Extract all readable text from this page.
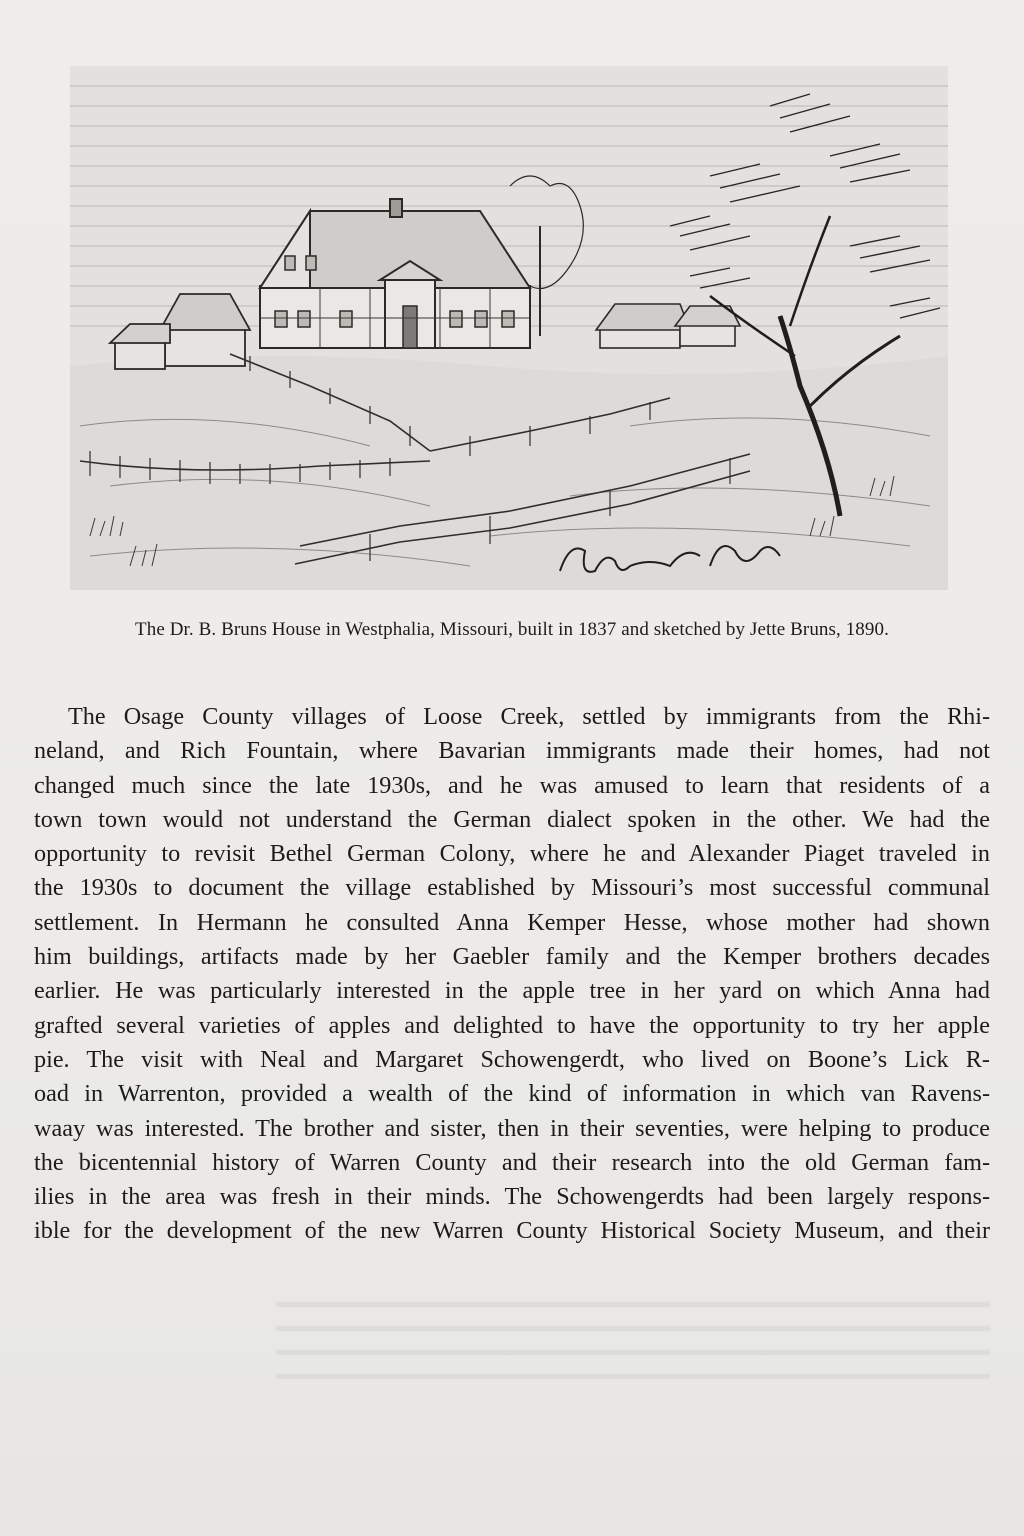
The Dr. B. Bruns House in Westphalia, Missouri, built in 1837 and sketched by Jette Bruns, 1890.
The Osage County villages of Loose Creek, settled by immigrants from the Rhi-
neland, and Rich Fountain, where Bavarian immigrants made their homes, had not
changed much since the late 1930s, and he was amused to learn that residents of a
town town would not understand the German dialect spoken in the other. We had the
opportunity to revisit Bethel German Colony, where he and Alexander Piaget traveled in
the 1930s to document the village established by Missouri’s most successful communal
settlement. In Hermann he consulted Anna Kemper Hesse, whose mother had shown
him buildings, artifacts made by her Gaebler family and the Kemper brothers decades
earlier. He was particularly interested in the apple tree in her yard on which Anna had
grafted several varieties of apples and delighted to have the opportunity to try her apple
pie. The visit with Neal and Margaret Schowengerdt, who lived on Boone’s Lick R-
oad in Warrenton, provided a wealth of the kind of information in which van Ravens-
waay was interested. The brother and sister, then in their seventies, were helping to produce
the bicentennial history of Warren County and their research into the old German fam-
ilies in the area was fresh in their minds. The Schowengerdts had been largely respons-
ible for the development of the new Warren County Historical Society Museum, and their
▬▬▬▬▬▬▬▬▬▬▬▬▬▬▬▬▬▬▬▬▬▬▬▬▬▬▬▬▬▬▬▬▬▬▬▬▬▬▬▬▬▬
▬▬▬▬▬▬▬▬▬▬▬▬▬▬▬▬▬▬▬▬▬▬▬▬▬▬▬▬▬▬▬▬▬▬▬▬▬▬▬▬▬▬
▬▬▬▬▬▬▬▬▬▬▬▬▬▬▬▬▬▬▬▬▬▬▬▬▬▬▬▬▬▬▬▬▬▬▬▬▬▬▬▬▬▬
▬▬▬▬▬▬▬▬▬▬▬▬▬▬▬▬▬▬▬▬▬▬▬▬▬▬▬▬▬▬▬▬▬▬▬▬▬▬▬▬▬▬
